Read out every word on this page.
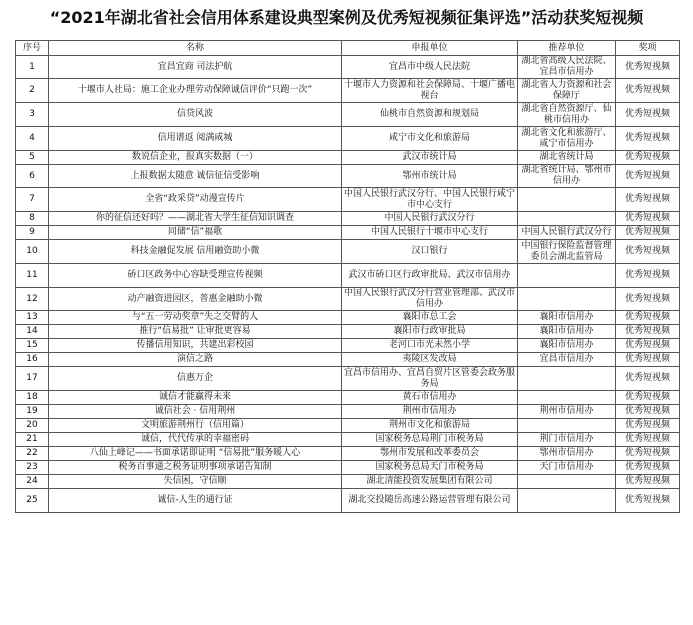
“2021年湖北省社会信用体系建设典型案例及优秀短视频征集评选”活动获奖短视频
序号	名称	申报单位	推荐单位	奖项
1	宜昌宜商 司法护航	宜昌市中级人民法院	湖北省高级人民法院、宜昌市信用办	优秀短视频
2	十堰市人社局：施工企业办理劳动保障诚信评价“只跑一次”	十堰市人力资源和社会保障局、十堰广播电视台	湖北省人力资源和社会保障厅	优秀短视频
3	信贷风波	仙桃市自然资源和规划局	湖北省自然资源厅、仙桃市信用办	优秀短视频
4	信用谱返 阅满咸城	咸宁市文化和旅游局	湖北省文化和旅游厅、咸宁市信用办	优秀短视频
5	数说信企业，报真实数据（一）	武汉市统计局	湖北省统计局	优秀短视频
6	上报数据太随意 诚信征信受影响	鄂州市统计局	湖北省统计局、鄂州市信用办	优秀短视频
7	全省“政采贷”动漫宣传片	中国人民银行武汉分行、中国人民银行咸宁市中心支行		优秀短视频
8	你的征信还好吗？——湖北省大学生征信知识调查	中国人民银行武汉分行		优秀短视频
9	同储“信”福歌	中国人民银行十堰市中心支行	中国人民银行武汉分行	优秀短视频
10	科技金融促发展 信用融资助小微	汉口银行	中国银行保险监督管理委员会湖北监管局	优秀短视频
11	硚口区政务中心容缺受理宣传视频	武汉市硚口区行政审批局、武汉市信用办		优秀短视频
12	动产融资进园区，普惠金融助小微	中国人民银行武汉分行营业管理部、武汉市信用办		优秀短视频
13	与“五一劳动奖章”失之交臂的人	襄阳市总工会	襄阳市信用办	优秀短视频
14	推行“信易批” 让审批更容易	襄阳市行政审批局	襄阳市信用办	优秀短视频
15	传播信用知识，共建出彩校园	老河口市光未然小学	襄阳市信用办	优秀短视频
16	演信之路	夷陵区发改局	宜昌市信用办	优秀短视频
17	信惠万企	宜昌市信用办、宜昌自贸片区管委会政务服务局		优秀短视频
18	诚信才能赢得未来	黄石市信用办		优秀短视频
19	诚信社会 · 信用荆州	荆州市信用办	荆州市信用办	优秀短视频
20	文明旅游荆州行（信用篇）	荆州市文化和旅游局		优秀短视频
21	诚信，代代传承的幸福密码	国家税务总局荆门市税务局	荆门市信用办	优秀短视频
22	八仙上峰记——书面承诺即证明 “信易批”服务暖人心	鄂州市发展和改革委员会	鄂州市信用办	优秀短视频
23	税务百事通之税务证明事项承诺告知制	国家税务总局天门市税务局	天门市信用办	优秀短视频
24	失信困，守信顺	湖北清能投资发展集团有限公司		优秀短视频
25	诚信-人生的通行证	湖北交投随岳高速公路运营管理有限公司		优秀短视频
